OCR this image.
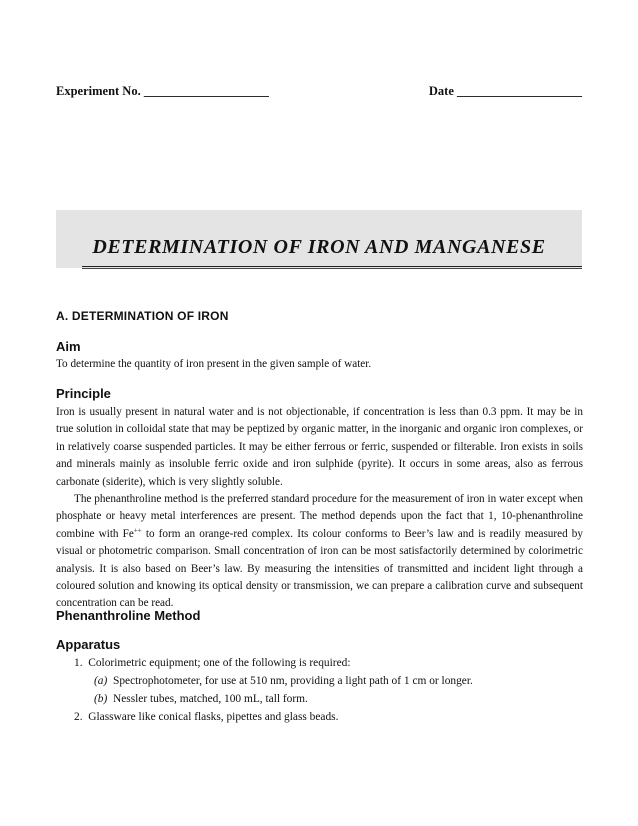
Experiment No. ____________________	Date ____________________
DETERMINATION OF IRON AND MANGANESE
A. DETERMINATION OF IRON
Aim

To determine the quantity of iron present in the given sample of water.

Principle

Iron is usually present in natural water and is not objectionable, if concentration is less than 0.3 ppm. It may be in true solution in colloidal state that may be peptized by organic matter, in the inorganic and organic iron complexes, or in relatively coarse suspended particles. It may be either ferrous or ferric, suspended or filterable. Iron exists in soils and minerals mainly as insoluble ferric oxide and iron sulphide (pyrite). It occurs in some areas, also as ferrous carbonate (siderite), which is very slightly soluble.

The phenanthroline method is the preferred standard procedure for the measurement of iron in water except when phosphate or heavy metal interferences are present. The method depends upon the fact that 1, 10-phenanthroline combine with Fe++ to form an orange-red complex. Its colour conforms to Beer’s law and is readily measured by visual or photometric comparison. Small concentration of iron can be most satisfactorily determined by colorimetric analysis. It is also based on Beer’s law. By measuring the intensities of transmitted and incident light through a coloured solution and knowing its optical density or transmission, we can prepare a calibration curve and subsequent concentration can be read.

Phenanthroline Method
Apparatus
1. Colorimetric equipment; one of the following is required:
(a) Spectrophotometer, for use at 510 nm, providing a light path of 1 cm or longer.
(b) Nessler tubes, matched, 100 mL, tall form.
2. Glassware like conical flasks, pipettes and glass beads.
